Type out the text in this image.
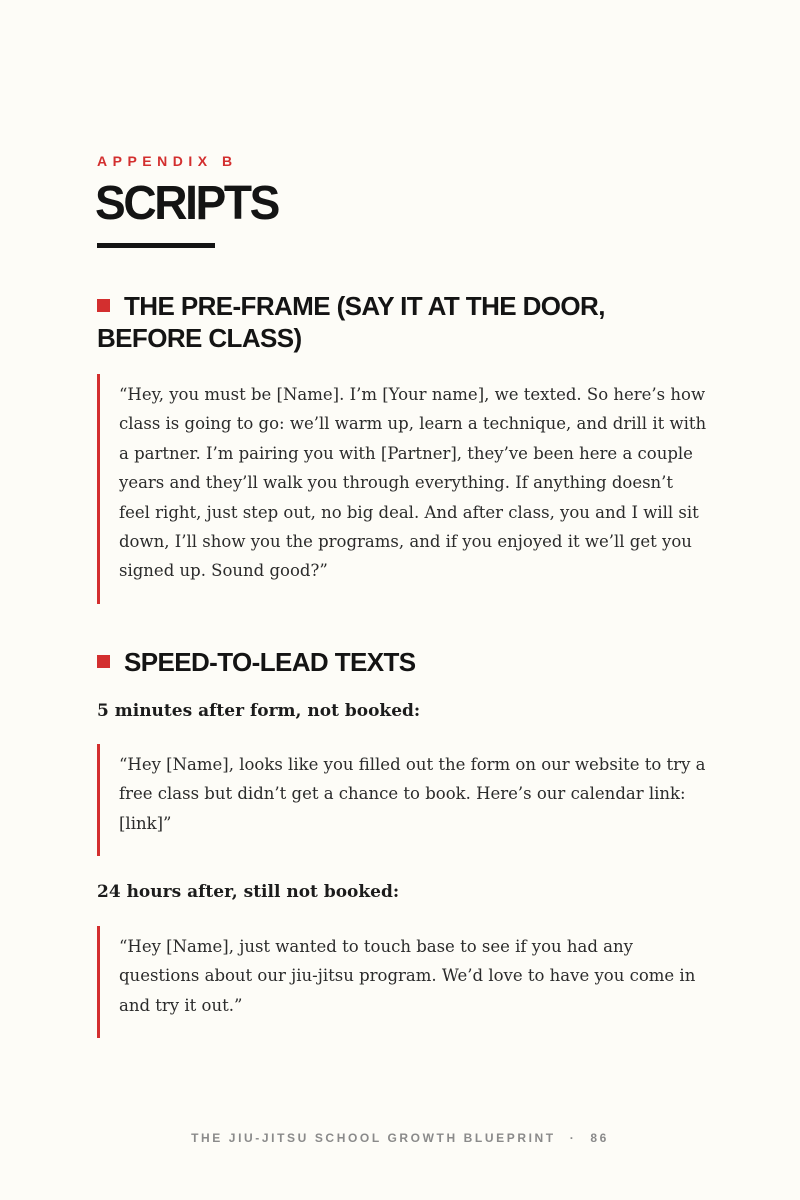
APPENDIX B

SCRIPTS
THE PRE-FRAME (SAY IT AT THE DOOR, BEFORE CLASS)

“Hey, you must be [Name]. I’m [Your name], we texted. So here’s how class is going to go: we’ll warm up, learn a technique, and drill it with a partner. I’m pairing you with [Partner], they’ve been here a couple years and they’ll walk you through everything. If anything doesn’t feel right, just step out, no big deal. And after class, you and I will sit down, I’ll show you the programs, and if you enjoyed it we’ll get you signed up. Sound good?”

SPEED-TO-LEAD TEXTS

5 minutes after form, not booked:

“Hey [Name], looks like you filled out the form on our website to try a free class but didn’t get a chance to book. Here’s our calendar link: [link]”

24 hours after, still not booked:

“Hey [Name], just wanted to touch base to see if you had any questions about our jiu-jitsu program. We’d love to have you come in and try it out.”

THE JIU-JITSU SCHOOL GROWTH BLUEPRINT · 86
